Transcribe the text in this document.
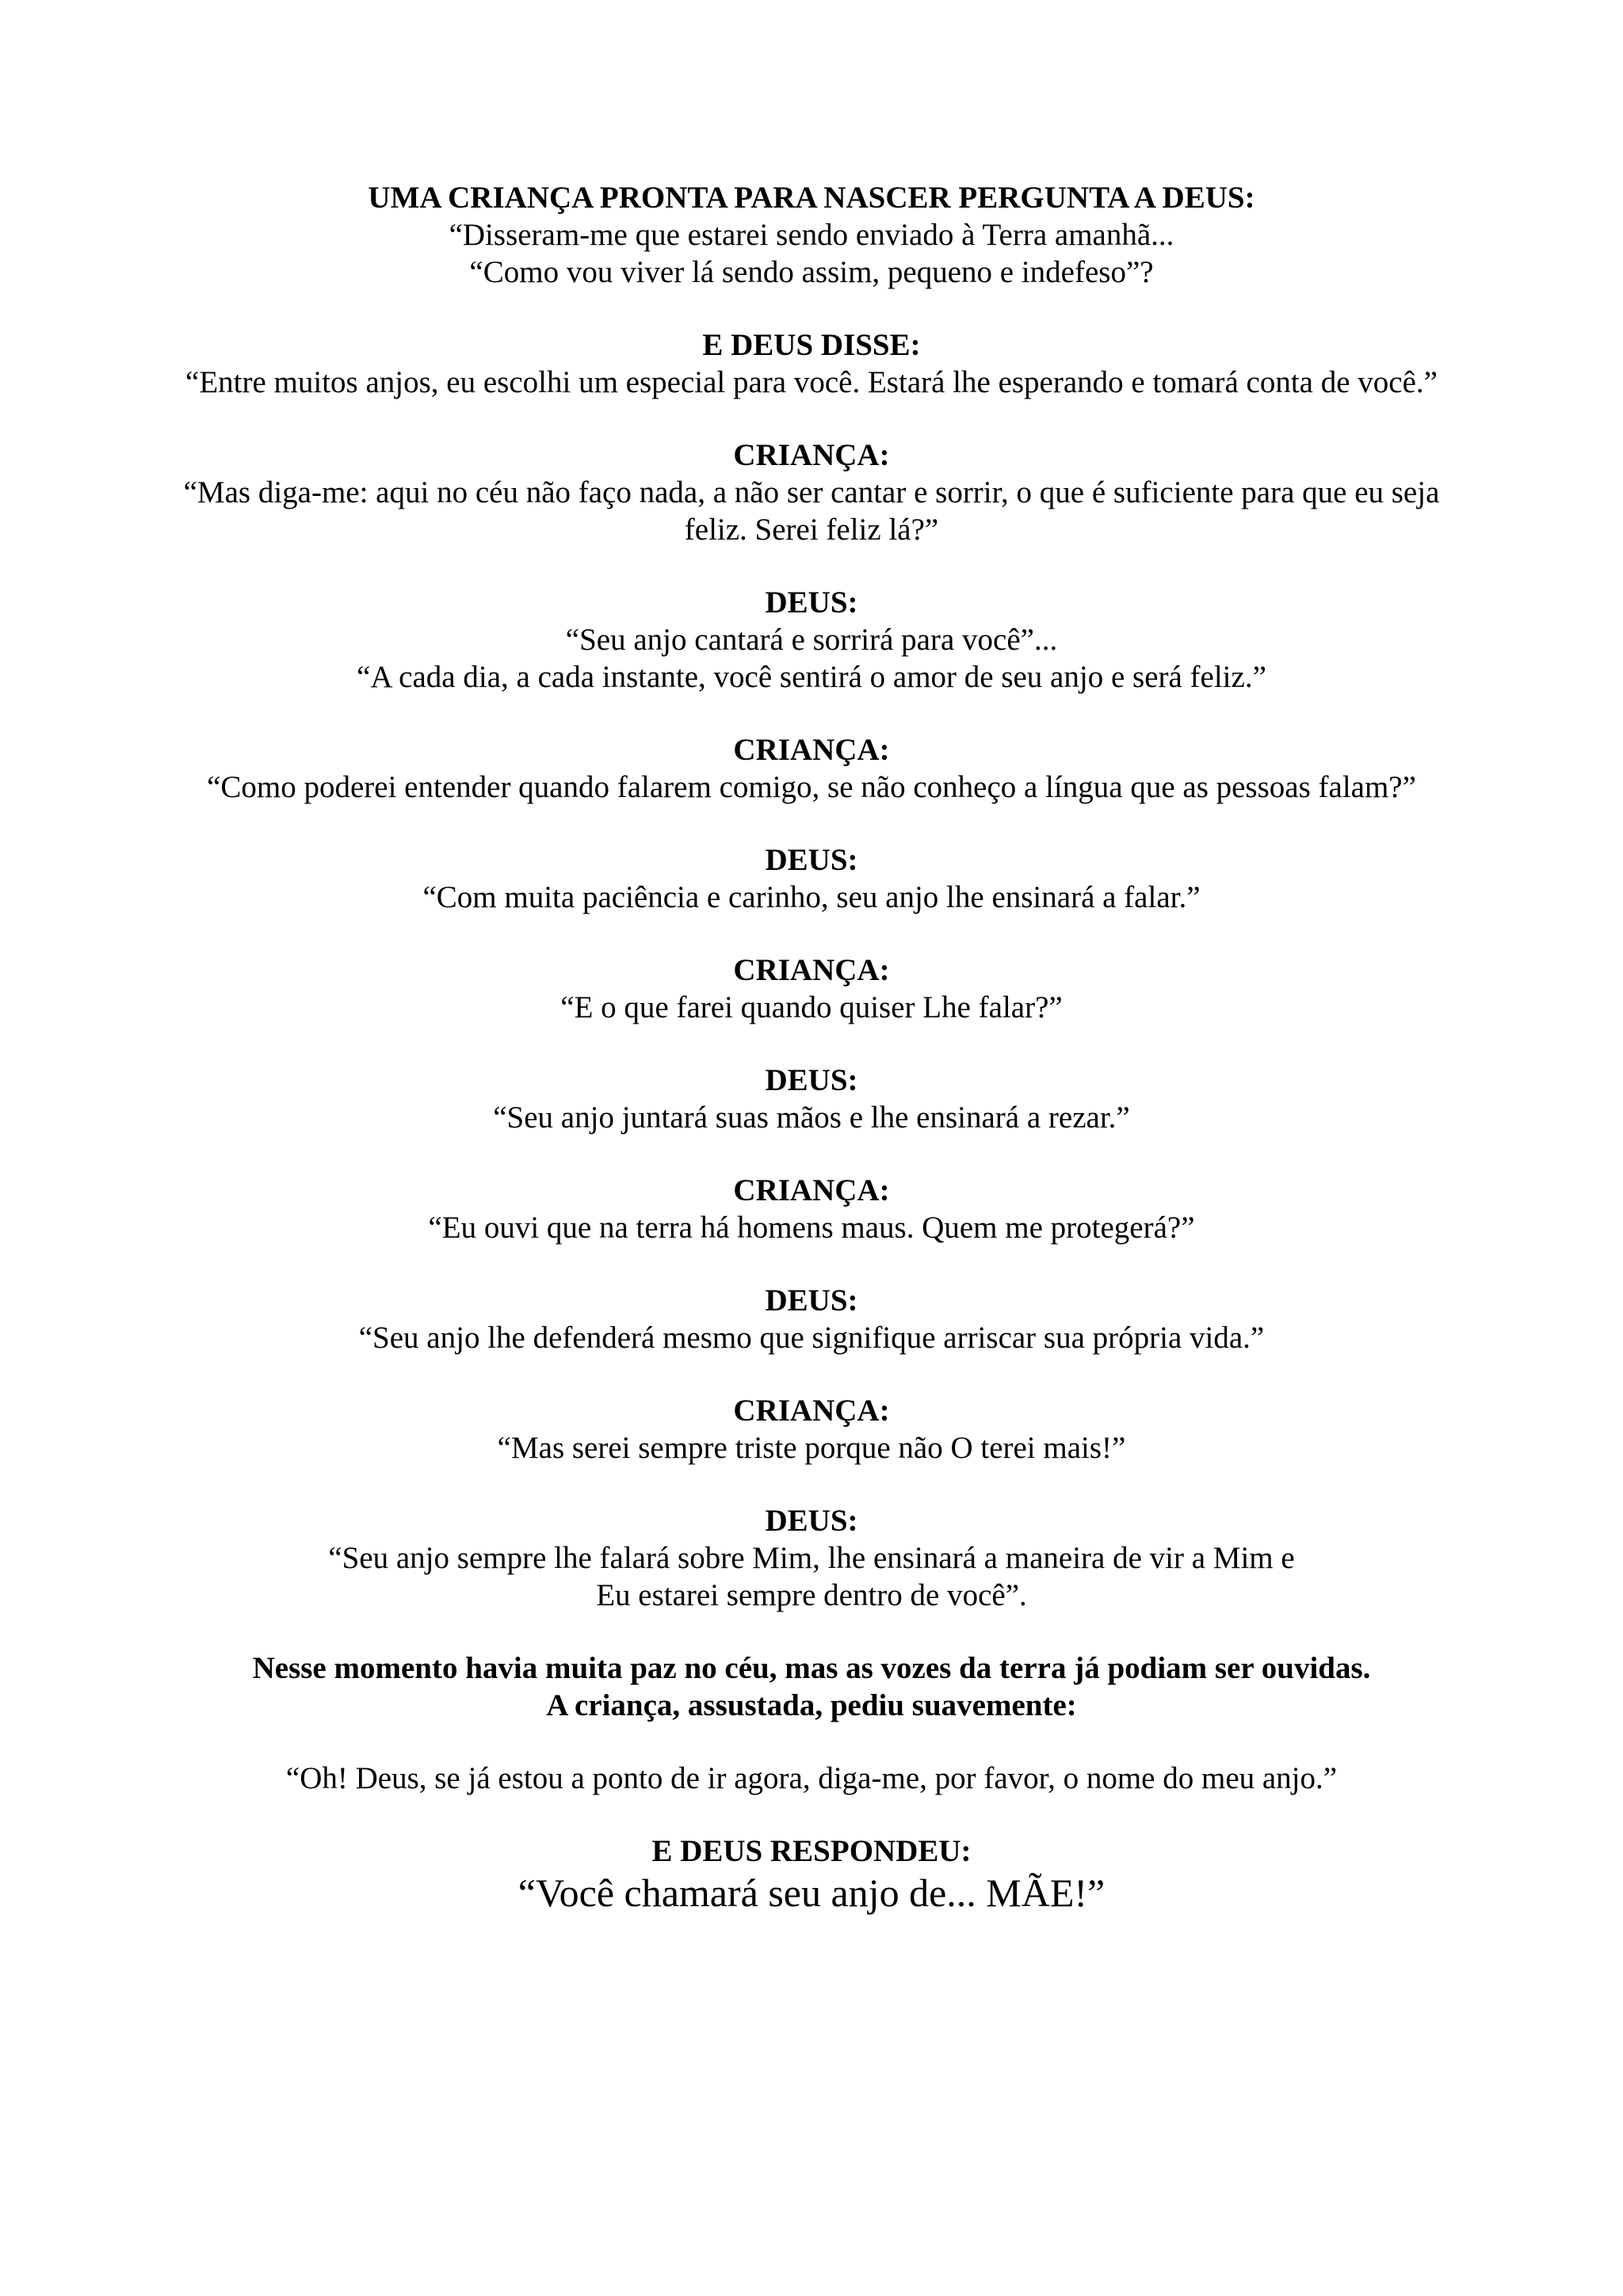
UMA CRIANÇA PRONTA PARA NASCER PERGUNTA A DEUS:
“Disseram-me que estarei sendo enviado à Terra amanhã...
“Como vou viver lá sendo assim, pequeno e indefeso”?
E DEUS DISSE:
“Entre muitos anjos, eu escolhi um especial para você. Estará lhe esperando e tomará conta de você.”
CRIANÇA:
“Mas diga-me: aqui no céu não faço nada, a não ser cantar e sorrir, o que é suficiente para que eu seja
feliz. Serei feliz lá?”
DEUS:
“Seu anjo cantará e sorrirá para você”...
“A cada dia, a cada instante, você sentirá o amor de seu anjo e será feliz.”
CRIANÇA:
“Como poderei entender quando falarem comigo, se não conheço a língua que as pessoas falam?”
DEUS:
“Com muita paciência e carinho, seu anjo lhe ensinará a falar.”
CRIANÇA:
“E o que farei quando quiser Lhe falar?”
DEUS:
“Seu anjo juntará suas mãos e lhe ensinará a rezar.”
CRIANÇA:
“Eu ouvi que na terra há homens maus. Quem me protegerá?”
DEUS:
“Seu anjo lhe defenderá mesmo que signifique arriscar sua própria vida.”
CRIANÇA:
“Mas serei sempre triste porque não O terei mais!”
DEUS:
“Seu anjo sempre lhe falará sobre Mim, lhe ensinará a maneira de vir a Mim e
Eu estarei sempre dentro de você”.
Nesse momento havia muita paz no céu, mas as vozes da terra já podiam ser ouvidas.
A criança, assustada, pediu suavemente:
“Oh! Deus, se já estou a ponto de ir agora, diga-me, por favor, o nome do meu anjo.”
E DEUS RESPONDEU:
“Você chamará seu anjo de... MÃE!”
